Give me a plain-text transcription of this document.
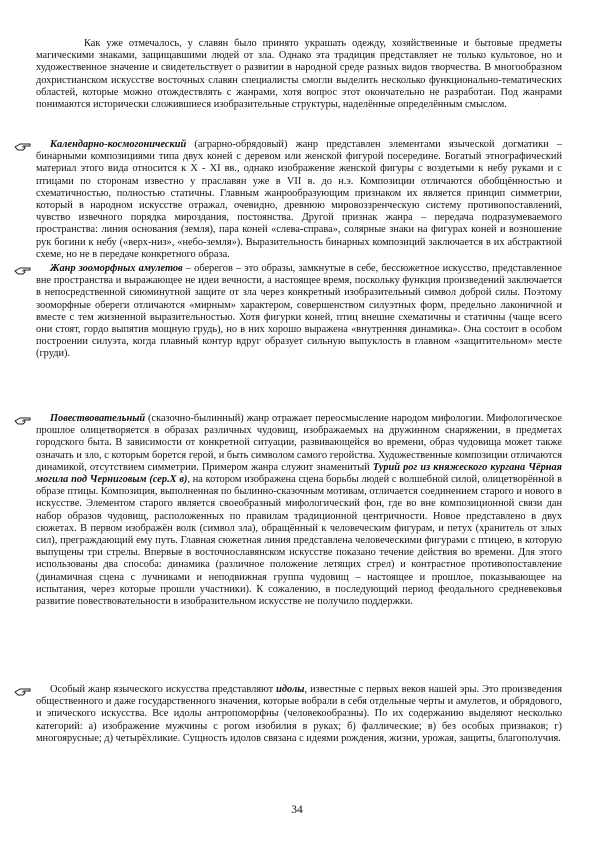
Как уже отмечалось, у славян было принято украшать одежду, хозяйственные и бытовые предметы магическими знаками, защищавшими людей от зла. Однако эта традиция представляет не только культовое, но и художественное значение и свидетельствует о развитии в народной среде разных видов творчества. В многообразном дохристианском искусстве восточных славян специалисты смогли выделить несколько функционально-тематических областей, которые можно отождествлять с жанрами, хотя вопрос этот окончательно не разработан. Под жанрами понимаются исторически сложившиеся изобразительные структуры, наделённые определённым смыслом.

Календарно-космогонический (аграрно-обрядовый) жанр представлен элементами языческой догматики – бинарными композициями типа двух коней с деревом или женской фигурой посередине. Богатый этнографический материал этого вида относится к X - XI вв., однако изображение женской фигуры с воздетыми к небу руками и с птицами по сторонам известно у праславян уже в VII в. до н.э. Композиции отличаются обобщённостью и схематичностью, полностью статичны. Главным жанрообразующим признаком их является принцип симметрии, который в народном искусстве отражал, очевидно, древнюю мировоззренческую систему противопоставлений, чувство извечного порядка мироздания, постоянства. Другой признак жанра – передача подразумеваемого пространства: линия основания (земля), пара коней «слева-справа», солярные знаки на фигурах коней и возношение рук богини к небу («верх-низ», «небо-земля»). Выразительность бинарных композиций заключается в их абстрактной схеме, но не в передаче конкретного образа.

Жанр зооморфных амулетов – оберегов – это образы, замкнутые в себе, бессюжетное искусство, представленное вне пространства и выражающее не идеи вечности, а настоящее время, поскольку функция произведений заключается в непосредственной сиюминутной защите от зла через конкретный изобразительный символ доброй силы. Поэтому зооморфные обереги отличаются «мирным» характером, совершенством силуэтных форм, предельно лаконичной и вместе с тем жизненной выразительностью. Хотя фигурки коней, птиц внешне схематичны и статичны (чаще всего они стоят, гордо выпятив мощную грудь), но в них хорошо выражена «внутренняя динамика». Она состоит в особом построении силуэта, когда плавный контур вдруг образует сильную выпуклость в главном «защитительном» месте (груди).

Повествовательный (сказочно-былинный) жанр отражает переосмысление народом мифологии. Мифологическое прошлое олицетворяется в образах различных чудовищ, изображаемых на дружинном снаряжении, в предметах городского быта. В зависимости от конкретной ситуации, развивающейся во времени, образ чудовища может также означать и зло, с которым борется герой, и быть символом самого геройства. Художественные композиции отличаются динамикой, отсутствием симметрии. Примером жанра служит знаменитый Турий рог из княжеского кургана Чёрная могила под Черниговым (сер.X в), на котором изображена сцена борьбы людей с волшебной силой, олицетворённой в образе птицы. Композиция, выполненная по былинно-сказочным мотивам, отличается соединением старого и нового в искусстве. Элементом старого является своеобразный мифологический фон, где во вне композиционной связи дан набор образов чудовищ, расположенных по правилам традиционной центричности. Новое представлено в двух сюжетах. В первом изображён волк (символ зла), обращённый к человеческим фигурам, и петух (хранитель от злых сил), преграждающий ему путь. Главная сюжетная линия представлена человеческими фигурами с птицею, в которую выпущены три стрелы. Впервые в восточнославянском искусстве показано течение действия во времени. Для этого использованы два способа: динамика (различное положение летящих стрел) и контрастное противопоставление (динамичная сцена с лучниками и неподвижная группа чудовищ – настоящее и прошлое, показывающее на испытания, через которые прошли участники). К сожалению, в последующий период феодального средневековья развитие повествовательности в изобразительном искусстве не получило поддержки.

Особый жанр языческого искусства представляют идолы, известные с первых веков нашей эры. Это произведения общественного и даже государственного значения, которые вобрали в себя отдельные черты и амулетов, и обрядового, и эпического искусства. Все идолы антропоморфны (человекообразны). По их содержанию выделяют несколько категорий: а) изображение мужчины с рогом изобилия в руках; б) фаллические; в) без особых признаков; г) многоярусные; д) четырёхликие. Сущность идолов связана с идеями рождения, жизни, урожая, защиты, благополучия.

34
